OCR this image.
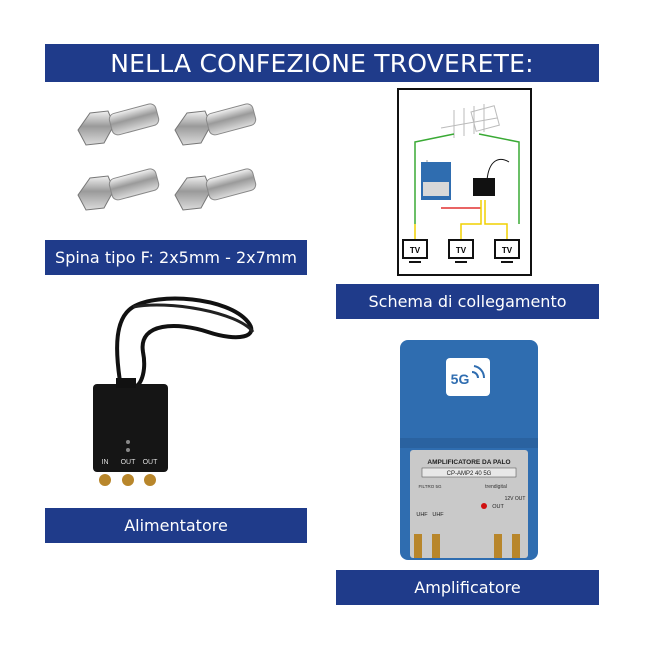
NELLA CONFEZIONE TROVERETE:
Spina tipo F: 2x5mm - 2x7mm	TV	TV	TV
Schema di collegamento
IN OUT OUT
Alimentatore
5G
AMPLIFICATORE DA PALO
CP-AMP2 40 5G
trendigital
FILTRO 5G
UHF UHF
OUT
12V OUT
Amplificatore
